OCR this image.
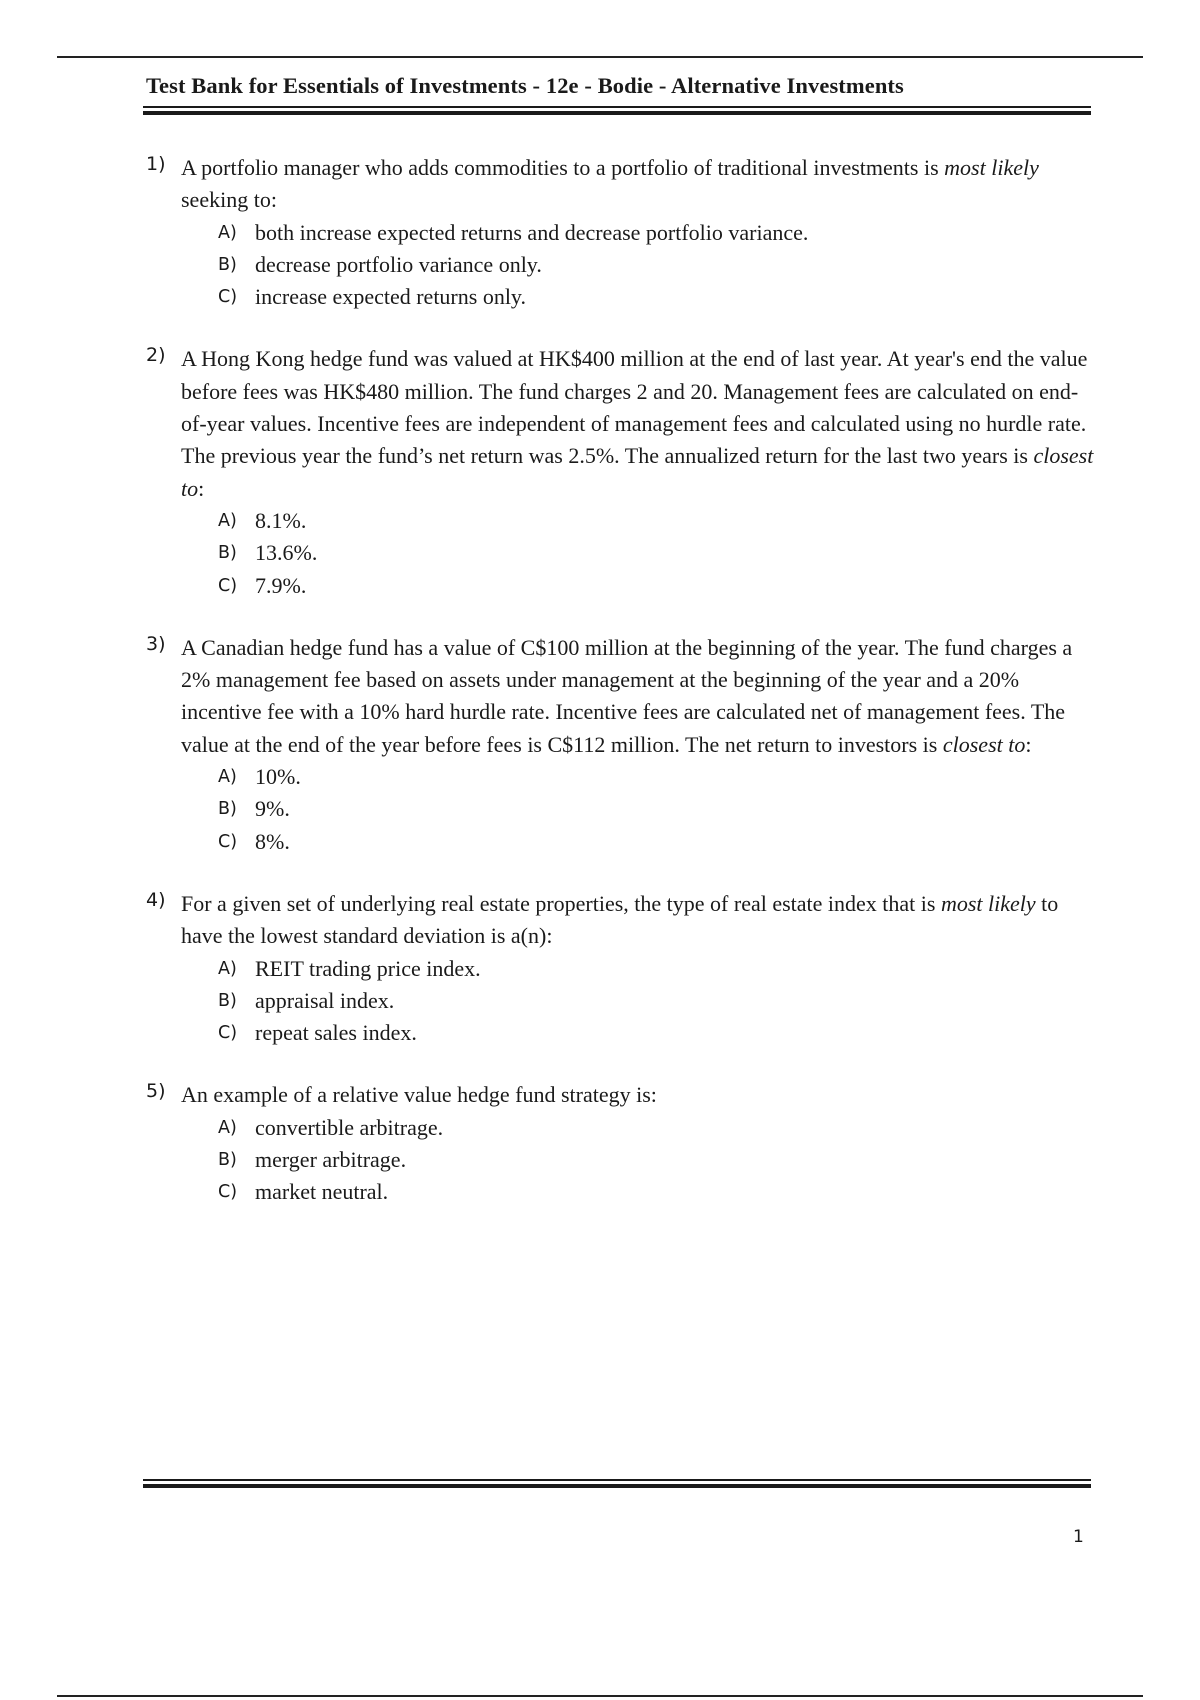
Test Bank for Essentials of Investments - 12e - Bodie - Alternative Investments
1) A portfolio manager who adds commodities to a portfolio of traditional investments is most likely seeking to:
A) both increase expected returns and decrease portfolio variance.
B) decrease portfolio variance only.
C) increase expected returns only.
2) A Hong Kong hedge fund was valued at HK$400 million at the end of last year. At year's end the value before fees was HK$480 million. The fund charges 2 and 20. Management fees are calculated on end- of-year values. Incentive fees are independent of management fees and calculated using no hurdle rate. The previous year the fund’s net return was 2.5%. The annualized return for the last two years is closest to:
A) 8.1%.
B) 13.6%.
C) 7.9%.
3) A Canadian hedge fund has a value of C$100 million at the beginning of the year. The fund charges a 2% management fee based on assets under management at the beginning of the year and a 20% incentive fee with a 10% hard hurdle rate. Incentive fees are calculated net of management fees. The value at the end of the year before fees is C$112 million. The net return to investors is closest to:
A) 10%.
B) 9%.
C) 8%.
4) For a given set of underlying real estate properties, the type of real estate index that is most likely to have the lowest standard deviation is a(n):
A) REIT trading price index.
B) appraisal index.
C) repeat sales index.
5) An example of a relative value hedge fund strategy is:
A) convertible arbitrage.
B) merger arbitrage.
C) market neutral.
1
